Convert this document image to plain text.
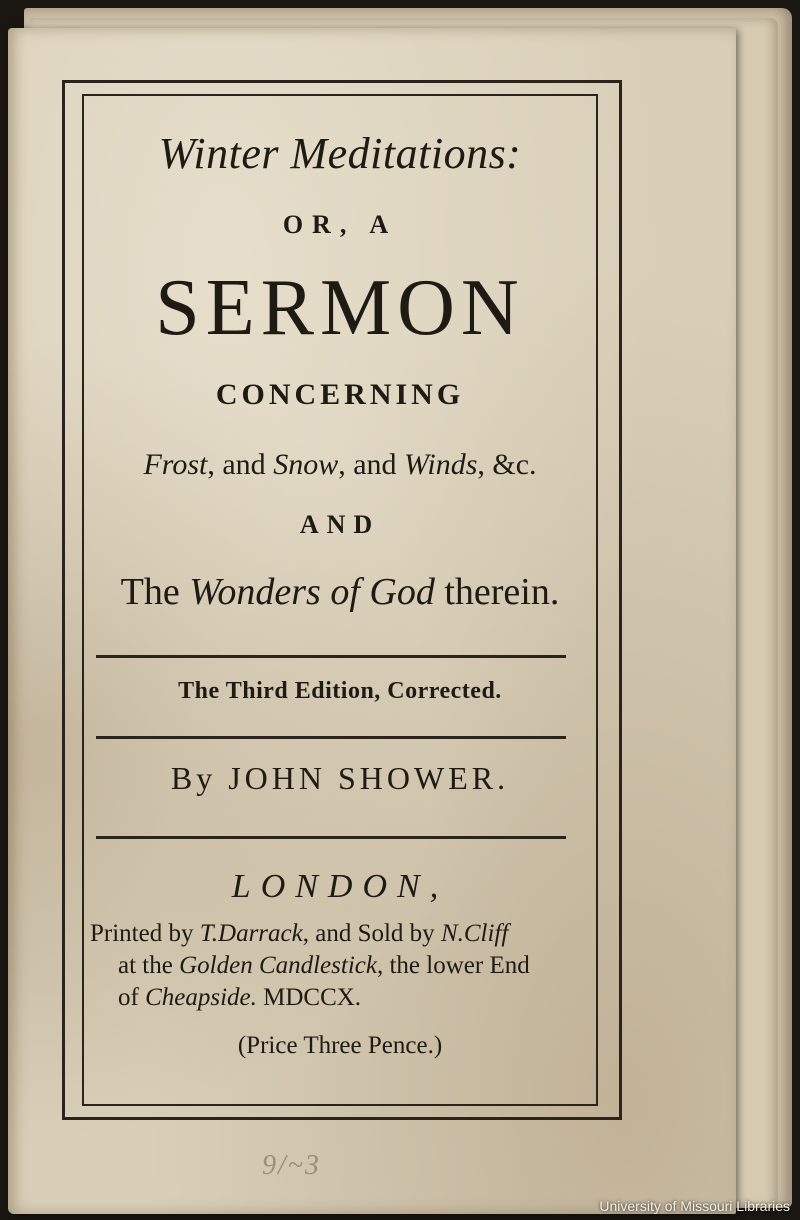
Winter Meditations:
OR, A
SERMON
CONCERNING
Frost, and Snow, and Winds, &c.
AND
The Wonders of God therein.
The Third Edition, Corrected.
By JOHN SHOWER.
LONDON,
Printed by T.Darrack, and Sold by N.Cliff
at the Golden Candlestick, the lower End
of Cheapside. MDCCX.
(Price Three Pence.)
9/~3
University of Missouri Libraries
